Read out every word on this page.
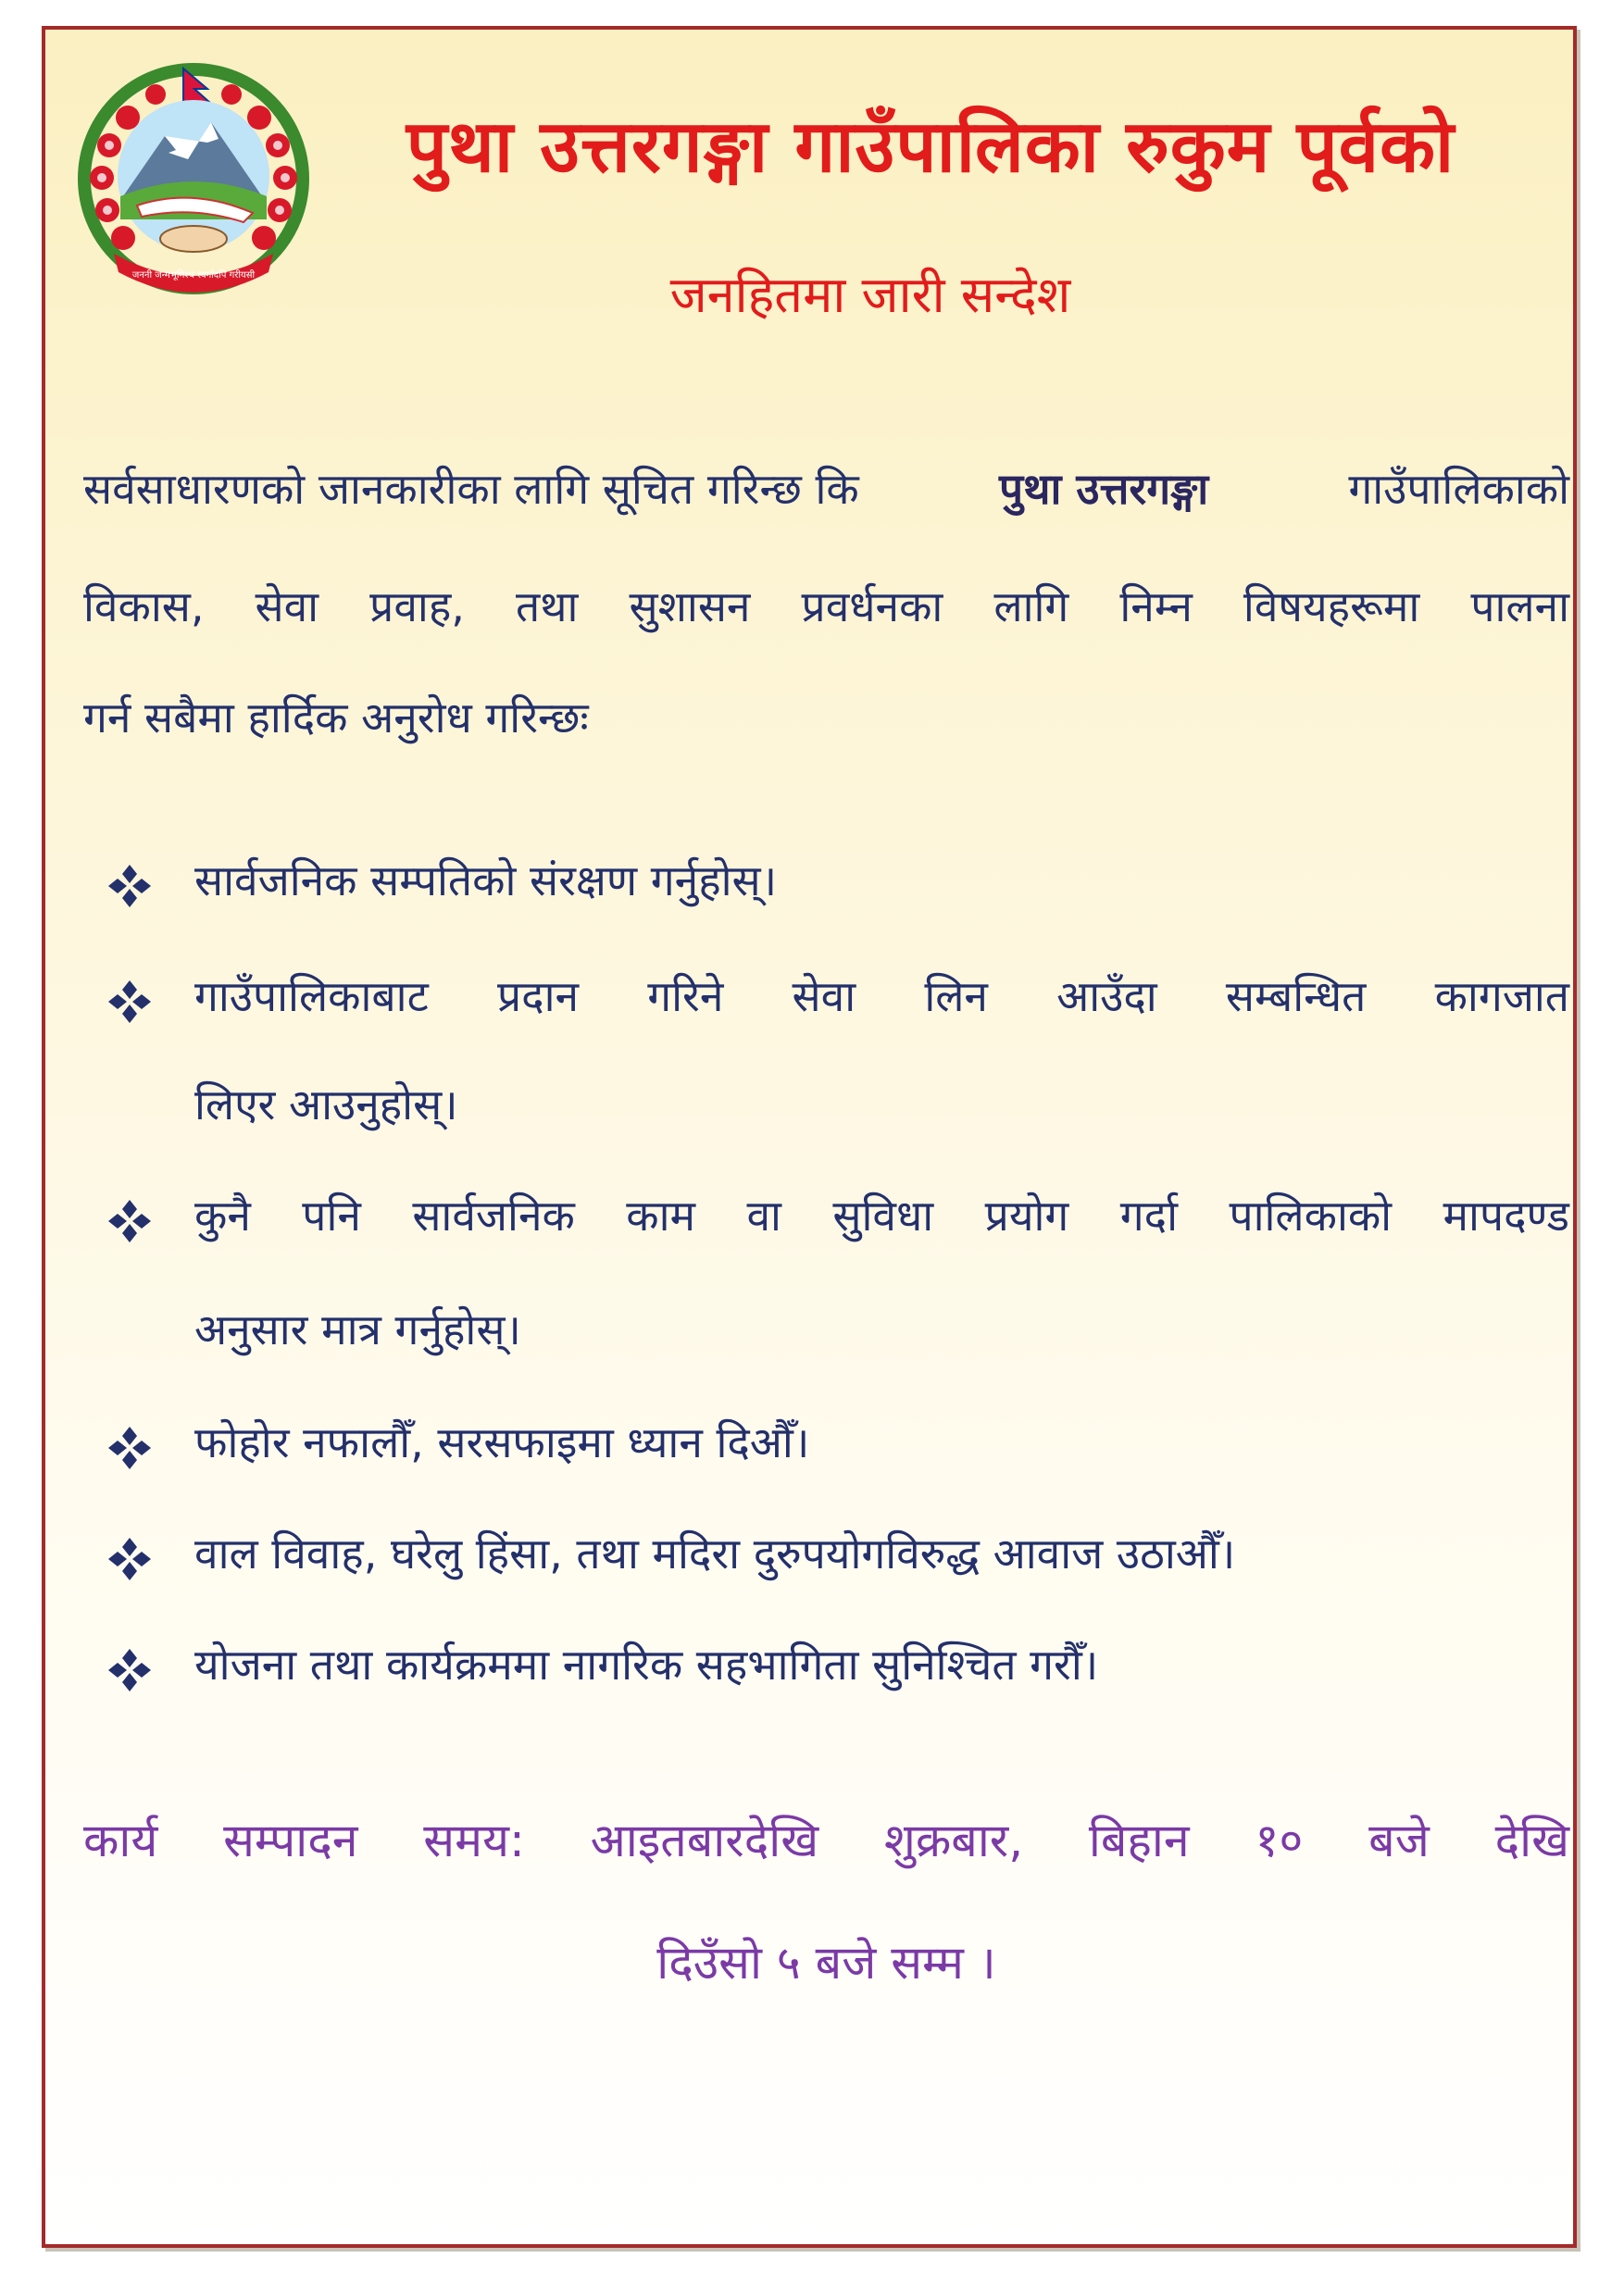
जननी जन्मभूमिश्च स्वर्गादपि गरीयसी
पुथा उत्तरगङ्गा गाउँपालिका रुकुम पूर्वको
जनहितमा जारी सन्देश
सर्वसाधारणको जानकारीका लागि सूचित गरिन्छ कि	पुथा उत्तरगङ्गा	गाउँपालिकाको
विकास, सेवा प्रवाह, तथा सुशासन प्रवर्धनका लागि निम्न विषयहरूमा पालना
गर्न सबैमा हार्दिक अनुरोध गरिन्छः
सार्वजनिक सम्पतिको संरक्षण गर्नुहोस्।
गाउँपालिकाबाट प्रदान गरिने सेवा लिन आउँदा सम्बन्धित कागजात
लिएर आउनुहोस्।
कुनै पनि सार्वजनिक काम वा सुविधा प्रयोग गर्दा पालिकाको मापदण्ड
अनुसार मात्र गर्नुहोस्।
फोहोर नफालौँ, सरसफाइमा ध्यान दिऔँ।
वाल विवाह, घरेलु हिंसा, तथा मदिरा दुरुपयोगविरुद्ध आवाज उठाऔँ।
योजना तथा कार्यक्रममा नागरिक सहभागिता सुनिश्चित गरौँ।
कार्य सम्पादन समय: आइतबारदेखि शुक्रबार, बिहान १० बजे देखि
दिउँसो ५ बजे सम्म ।
